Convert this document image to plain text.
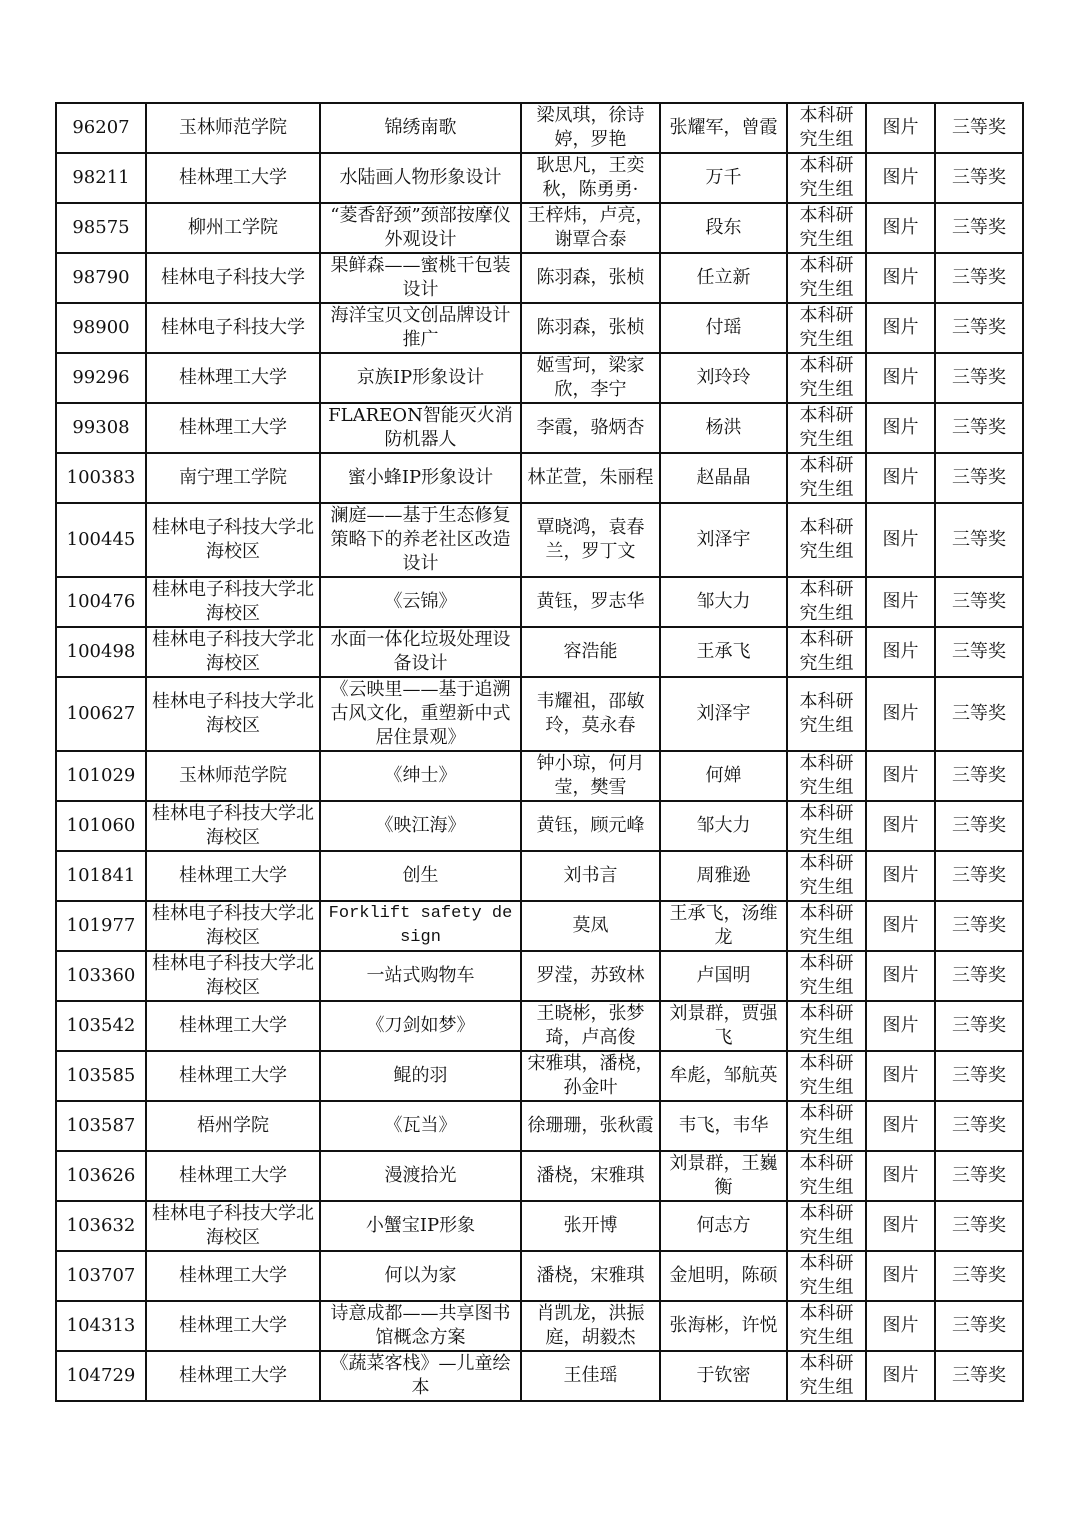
96207	玉林师范学院	锦绣南歌	梁凤琪，徐诗婷，罗艳	张耀军，曾霞	本科研究生组	图片	三等奖
98211	桂林理工大学	水陆画人物形象设计	耿思凡，王奕秋，陈勇勇·	万千	本科研究生组	图片	三等奖
98575	柳州工学院	“菱香舒颈”颈部按摩仪外观设计	王梓炜，卢亮，谢覃合泰	段东	本科研究生组	图片	三等奖
98790	桂林电子科技大学	果鲜森——蜜桃干包装设计	陈羽森，张桢	任立新	本科研究生组	图片	三等奖
98900	桂林电子科技大学	海洋宝贝文创品牌设计推广	陈羽森，张桢	付瑶	本科研究生组	图片	三等奖
99296	桂林理工大学	京族IP形象设计	姬雪珂，梁家欣，李宁	刘玲玲	本科研究生组	图片	三等奖
99308	桂林理工大学	FLAREON智能灭火消防机器人	李霞，骆炳杏	杨洪	本科研究生组	图片	三等奖
100383	南宁理工学院	蜜小蜂IP形象设计	林芷萱，朱丽程	赵晶晶	本科研究生组	图片	三等奖
100445	桂林电子科技大学北海校区	澜庭——基于生态修复策略下的养老社区改造设计	覃晓鸿，袁春兰，罗丁文	刘泽宇	本科研究生组	图片	三等奖
100476	桂林电子科技大学北海校区	《云锦》	黄钰，罗志华	邹大力	本科研究生组	图片	三等奖
100498	桂林电子科技大学北海校区	水面一体化垃圾处理设备设计	容浩能	王承飞	本科研究生组	图片	三等奖
100627	桂林电子科技大学北海校区	《云映里——基于追溯古风文化，重塑新中式居住景观》	韦耀祖，邵敏玲，莫永春	刘泽宇	本科研究生组	图片	三等奖
101029	玉林师范学院	《绅士》	钟小琼，何月莹，樊雪	何婵	本科研究生组	图片	三等奖
101060	桂林电子科技大学北海校区	《映江海》	黄钰，顾元峰	邹大力	本科研究生组	图片	三等奖
101841	桂林理工大学	创生	刘书言	周雅逊	本科研究生组	图片	三等奖
101977	桂林电子科技大学北海校区	Forklift safety design	莫凤	王承飞，汤维龙	本科研究生组	图片	三等奖
103360	桂林电子科技大学北海校区	一站式购物车	罗滢，苏致林	卢国明	本科研究生组	图片	三等奖
103542	桂林理工大学	《刀剑如梦》	王晓彬，张梦琦，卢高俊	刘景群，贾强飞	本科研究生组	图片	三等奖
103585	桂林理工大学	鲲的羽	宋雅琪，潘桡，孙金叶	牟彪，邹航英	本科研究生组	图片	三等奖
103587	梧州学院	《瓦当》	徐珊珊，张秋霞	韦飞，韦华	本科研究生组	图片	三等奖
103626	桂林理工大学	漫渡拾光	潘桡，宋雅琪	刘景群，王巍衡	本科研究生组	图片	三等奖
103632	桂林电子科技大学北海校区	小蟹宝IP形象	张开博	何志方	本科研究生组	图片	三等奖
103707	桂林理工大学	何以为家	潘桡，宋雅琪	金旭明，陈硕	本科研究生组	图片	三等奖
104313	桂林理工大学	诗意成都——共享图书馆概念方案	肖凯龙，洪振庭，胡毅杰	张海彬，许悦	本科研究生组	图片	三等奖
104729	桂林理工大学	《蔬菜客栈》—儿童绘本	王佳瑶	于钦密	本科研究生组	图片	三等奖
